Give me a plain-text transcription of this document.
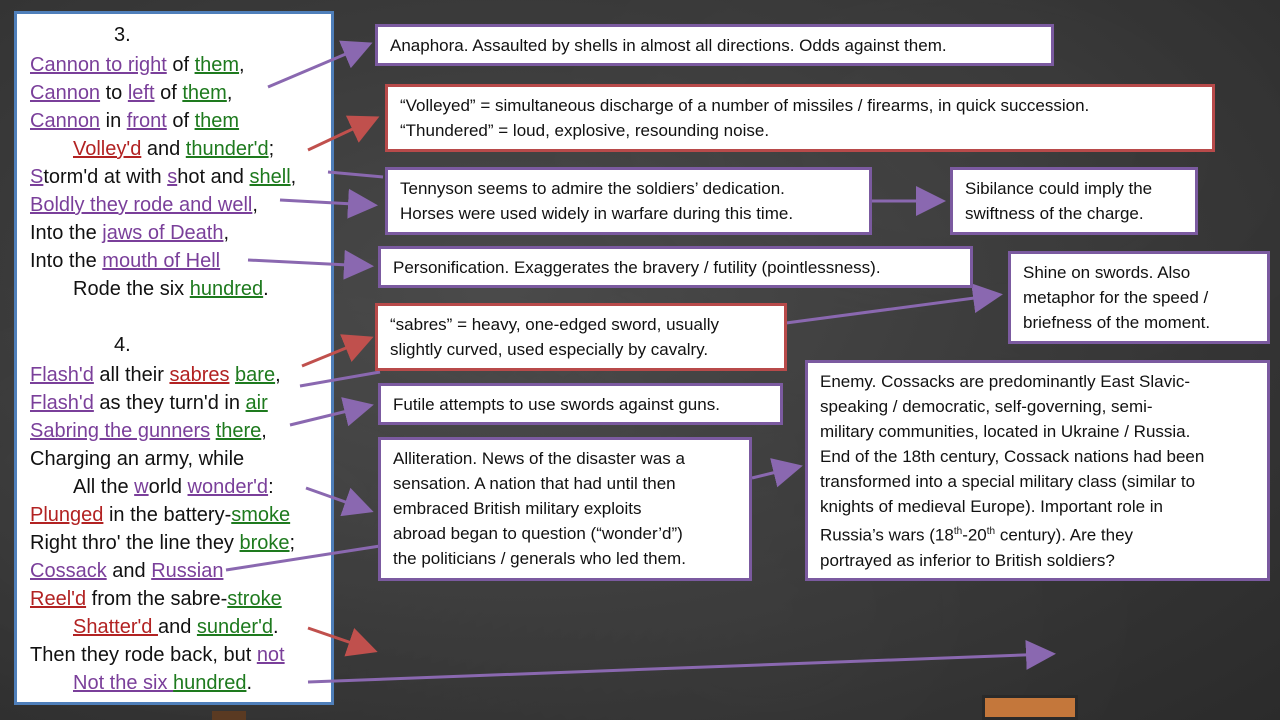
3.
Cannon to right of them,
Cannon to left of them,
Cannon in front of them
Volley'd and thunder'd;
Storm'd at with shot and shell,
Boldly they rode and well,
Into the jaws of Death,
Into the mouth of Hell
Rode the six hundred.
4.
Flash'd all their sabres bare,
Flash'd as they turn'd in air
Sabring the gunners there,
Charging an army, while
All the world wonder'd:
Plunged in the battery-smoke
Right thro' the line they broke;
Cossack and Russian
Reel'd from the sabre-stroke
Shatter'd and sunder'd.
Then they rode back, but not
Not the six hundred.
Anaphora. Assaulted by shells in almost all directions. Odds against them.
“Volleyed” = simultaneous discharge of a number of missiles / firearms, in quick succession.
“Thundered” = loud, explosive, resounding noise.
Tennyson seems to admire the soldiers’ dedication.
Horses were used widely in warfare during this time.
Sibilance could imply the
swiftness of the charge.
Personification. Exaggerates the bravery / futility (pointlessness).	Shine on swords. Also
metaphor for the speed /
briefness of the moment.
“sabres” = heavy, one-edged sword, usually
slightly curved, used especially by cavalry.
Futile attempts to use swords against guns.
Enemy. Cossacks are predominantly East Slavic-
speaking / democratic, self-governing, semi-
military communities, located in Ukraine / Russia.
End of the 18th century, Cossack nations had been
transformed into a special military class (similar to
knights of medieval Europe). Important role in
Russia’s wars (18th-20th century). Are they
portrayed as inferior to British soldiers?
Alliteration. News of the disaster was a
sensation. A nation that had until then
embraced British military exploits
abroad began to question (“wonder’d”)
the politicians / generals who led them.
